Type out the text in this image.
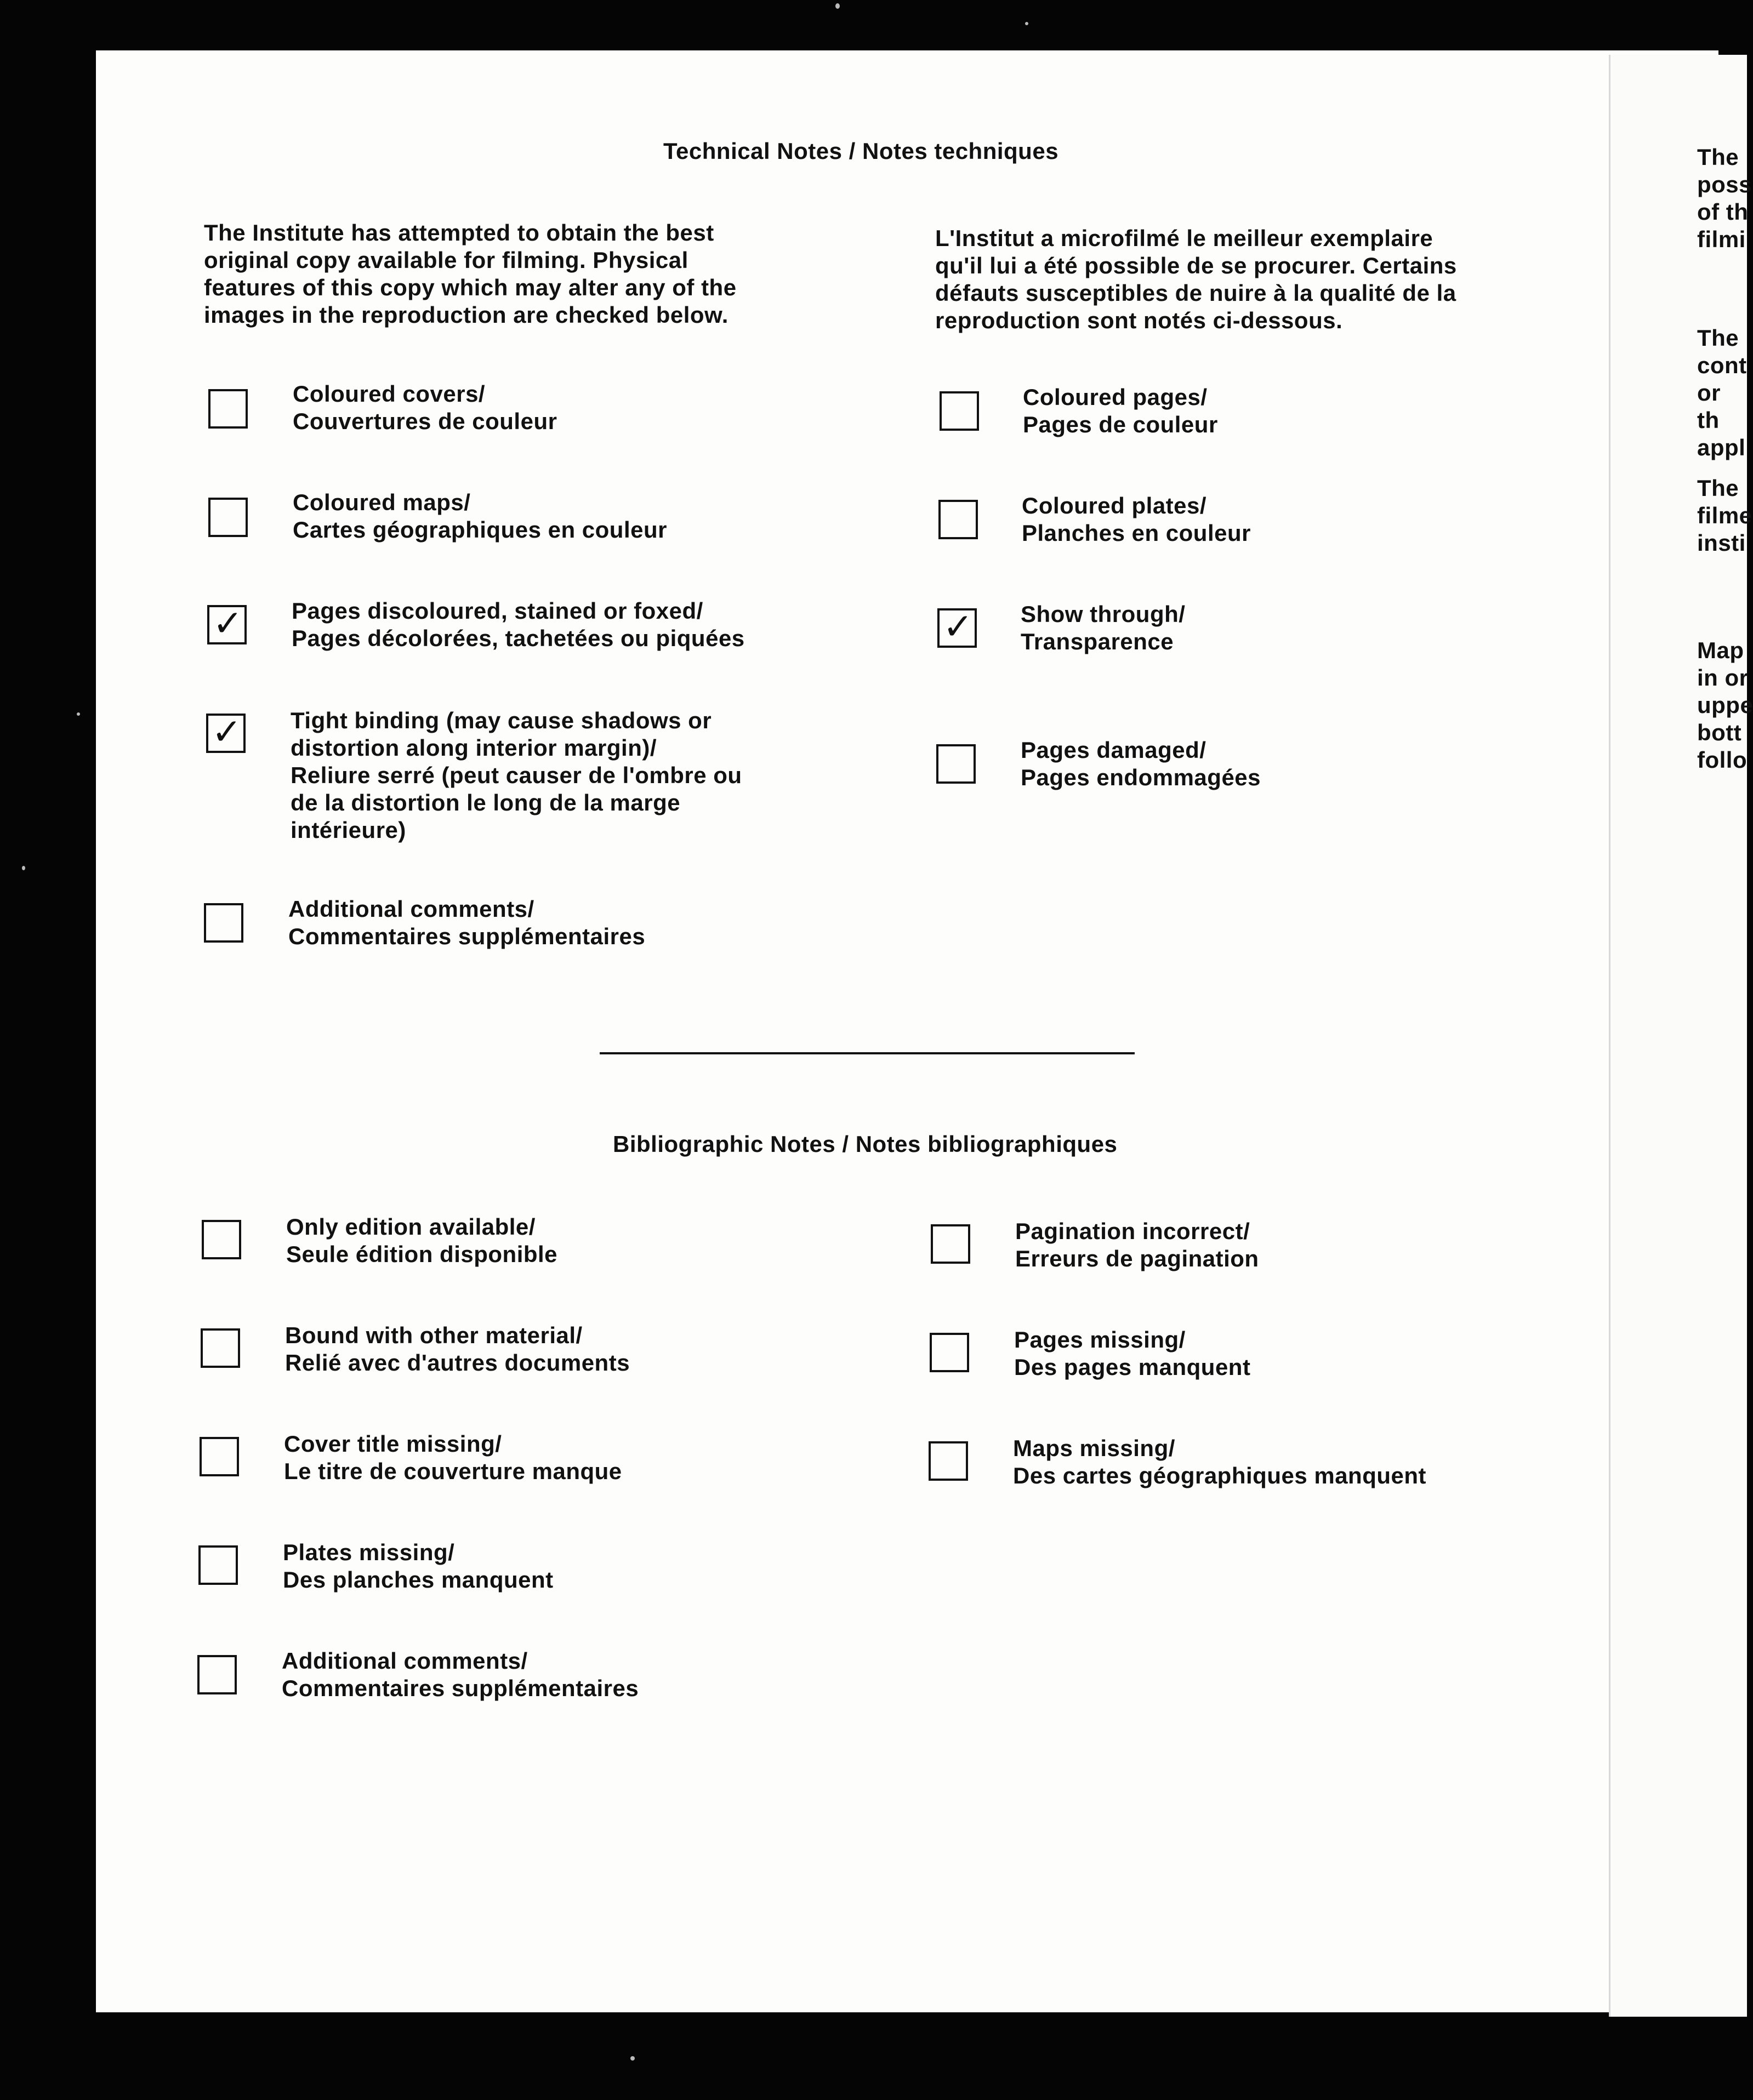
Technical Notes / Notes techniques
The Institute has attempted to obtain the best
original copy available for filming. Physical
features of this copy which may alter any of the
images in the reproduction are checked below.
L'Institut a microfilmé le meilleur exemplaire
qu'il lui a été possible de se procurer. Certains
défauts susceptibles de nuire à la qualité de la
reproduction sont notés ci-dessous.
Coloured covers/
Couvertures de couleur
Coloured maps/
Cartes géographiques en couleur
✓ Pages discoloured, stained or foxed/
Pages décolorées, tachetées ou piquées
✓ Tight binding (may cause shadows or
distortion along interior margin)/
Reliure serré (peut causer de l'ombre ou
de la distortion le long de la marge
intérieure)
Additional comments/
Commentaires supplémentaires
Coloured pages/
Pages de couleur
Coloured plates/
Planches en couleur
✓ Show through/
Transparence
Pages damaged/
Pages endommagées
Bibliographic Notes / Notes bibliographiques
Only edition available/
Seule édition disponible
Bound with other material/
Relié avec d'autres documents
Cover title missing/
Le titre de couverture manque
Plates missing/
Des planches manquent
Additional comments/
Commentaires supplémentaires
Pagination incorrect/
Erreurs de pagination
Pages missing/
Des pages manquent
Maps missing/
Des cartes géographiques manquent
The
poss
of th
filmi
The
cont
or th
appl
The
filme
insti
Map
in or
uppe
bott
follo
